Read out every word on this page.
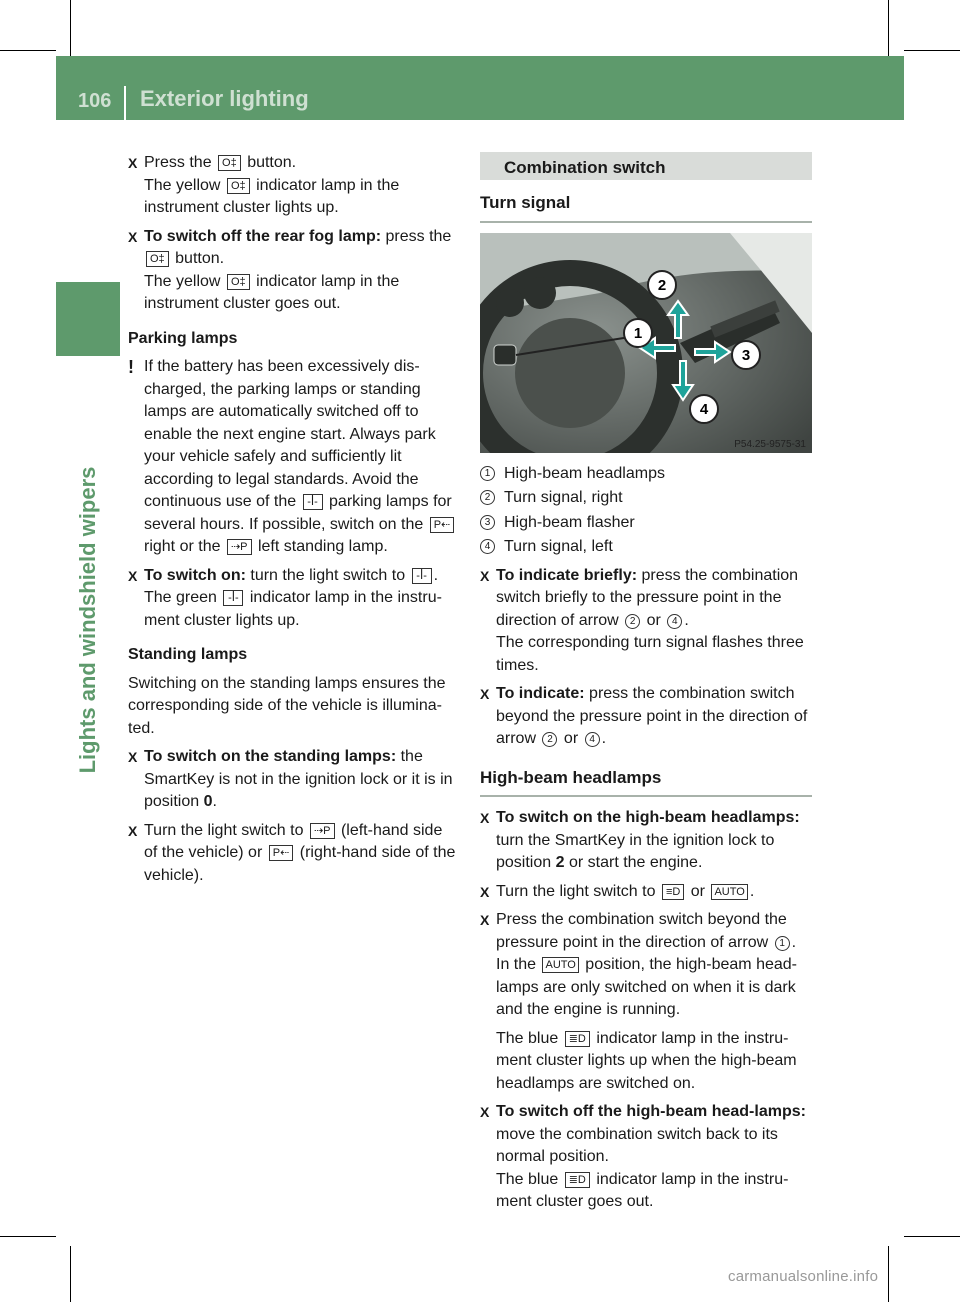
106 Exterior lighting
Lights and windshield wipers
X Press the O‡ button.
The yellow O‡ indicator lamp in the instrument cluster lights up.
X To switch off the rear fog lamp: press the
O‡ button.
The yellow O‡ indicator lamp in the instrument cluster goes out.
Parking lamps
! If the battery has been excessively dis-charged, the parking lamps or standing lamps are automatically switched off to enable the next engine start. Always park your vehicle safely and sufficiently lit according to legal standards. Avoid the continuous use of the -ꟾ- parking lamps for several hours. If possible, switch on the P⇠ right or the ⇢P left standing lamp.
X To switch on: turn the light switch to -ꟾ- .
The green -ꟾ- indicator lamp in the instru-ment cluster lights up.
Standing lamps
Switching on the standing lamps ensures the corresponding side of the vehicle is illumina-ted.
X To switch on the standing lamps: the SmartKey is not in the ignition lock or it is in position 0.
X Turn the light switch to ⇢P (left-hand side of the vehicle) or P⇠ (right-hand side of the vehicle).
Combination switch
Turn signal
1
2
3
4
P54.25-9575-31
1 High-beam headlamps
2 Turn signal, right
3 High-beam flasher
4 Turn signal, left
X To indicate briefly: press the combination switch briefly to the pressure point in the direction of arrow 2 or 4 .
The corresponding turn signal flashes three times.
X To indicate: press the combination switch beyond the pressure point in the direction of arrow 2 or 4 .
High-beam headlamps
X To switch on the high-beam headlamps: turn the SmartKey in the ignition lock to position 2 or start the engine.
X Turn the light switch to ≡D or AUTO .
X Press the combination switch beyond the pressure point in the direction of arrow 1 .
In the AUTO position, the high-beam head-lamps are only switched on when it is dark and the engine is running.
The blue ≣D indicator lamp in the instru-ment cluster lights up when the high-beam headlamps are switched on.
X To switch off the high-beam head-lamps: move the combination switch back to its normal position.
The blue ≣D indicator lamp in the instru-ment cluster goes out.
carmanualsonline.info
